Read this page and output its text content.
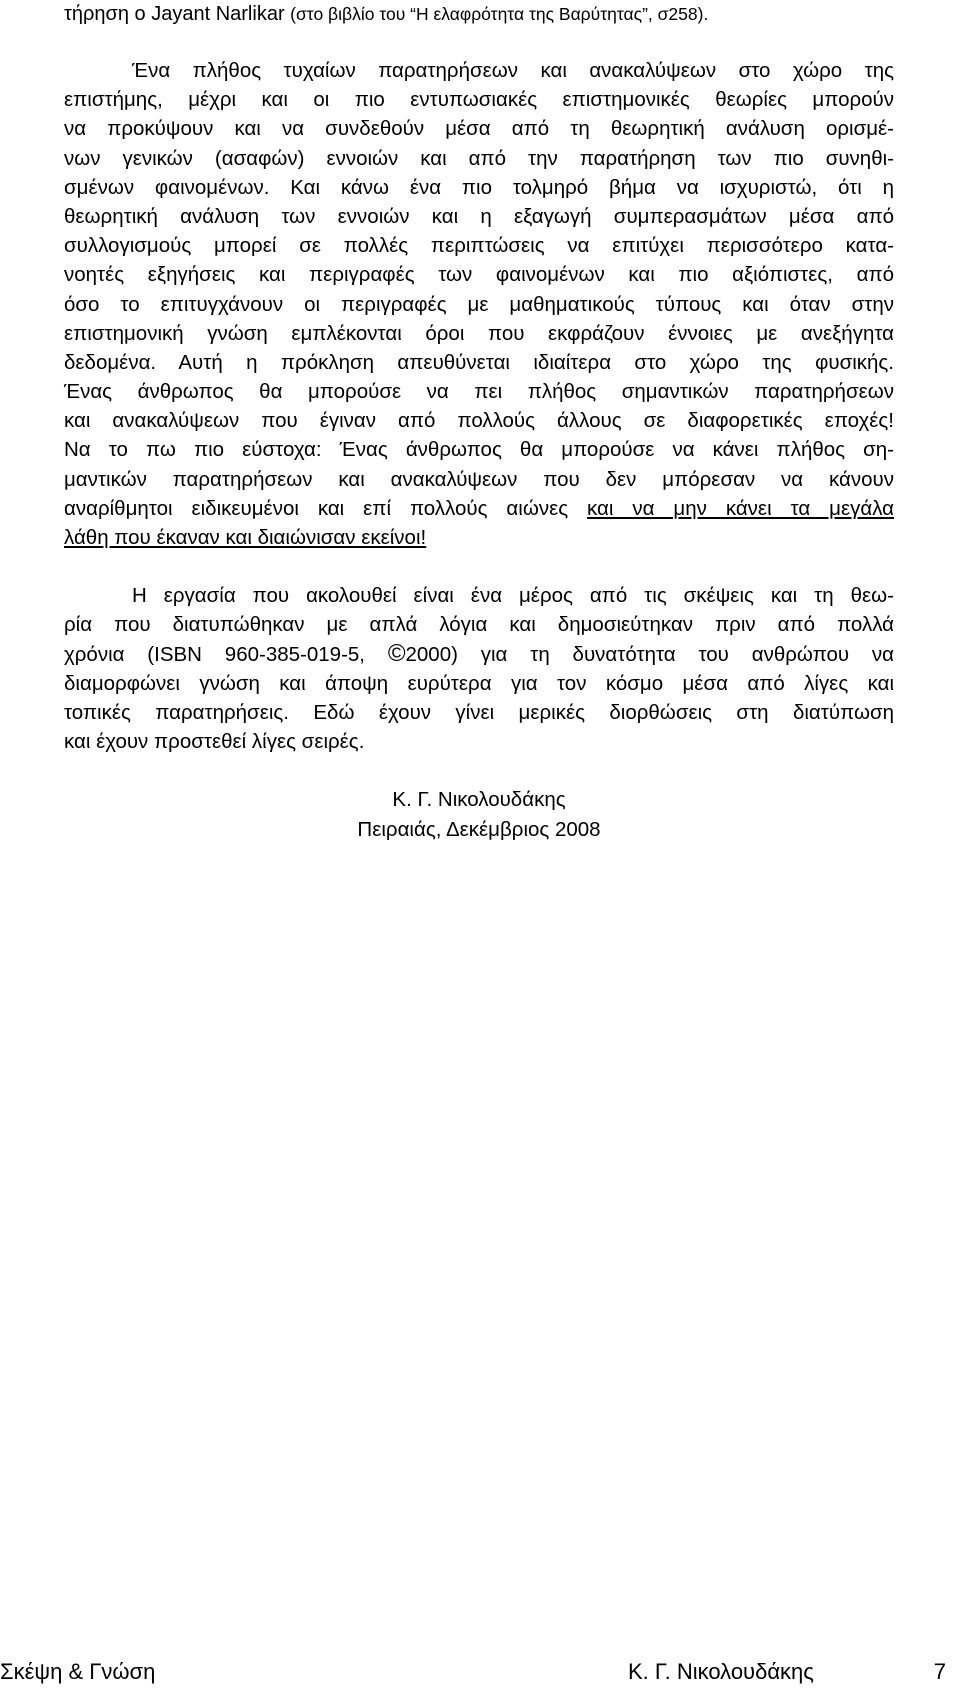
τήρηση ο Jayant Narlikar (στο βιβλίο του “Η ελαφρότητα της Βαρύτητας”, σ258).
Ένα πλήθος τυχαίων παρατηρήσεων και ανακαλύψεων στο χώρο της
επιστήμης, μέχρι και οι πιο εντυπωσιακές επιστημονικές θεωρίες μπορούν
να προκύψουν και να συνδεθούν μέσα από τη θεωρητική ανάλυση ορισμέ-
νων γενικών (ασαφών) εννοιών και από την παρατήρηση των πιο συνηθι-
σμένων φαινομένων. Και κάνω ένα πιο τολμηρό βήμα να ισχυριστώ, ότι η
θεωρητική ανάλυση των εννοιών και η εξαγωγή συμπερασμάτων μέσα από
συλλογισμούς μπορεί σε πολλές περιπτώσεις να επιτύχει περισσότερο κατα-
νοητές εξηγήσεις και περιγραφές των φαινομένων και πιο αξιόπιστες, από
όσο το επιτυγχάνουν οι περιγραφές με μαθηματικούς τύπους και όταν στην
επιστημονική γνώση εμπλέκονται όροι που εκφράζουν έννοιες με ανεξήγητα
δεδομένα. Αυτή η πρόκληση απευθύνεται ιδιαίτερα στο χώρο της φυσικής.
Ένας άνθρωπος θα μπορούσε να πει πλήθος σημαντικών παρατηρήσεων
και ανακαλύψεων που έγιναν από πολλούς άλλους σε διαφορετικές εποχές!
Να το πω πιο εύστοχα: Ένας άνθρωπος θα μπορούσε να κάνει πλήθος ση-
μαντικών παρατηρήσεων και ανακαλύψεων που δεν μπόρεσαν να κάνουν
αναρίθμητοι ειδικευμένοι και επί πολλούς αιώνες και να μην κάνει τα μεγάλα
λάθη που έκαναν και διαιώνισαν εκείνοι!
Η εργασία που ακολουθεί είναι ένα μέρος από τις σκέψεις και τη θεω-
ρία που διατυπώθηκαν με απλά λόγια και δημοσιεύτηκαν πριν από πολλά
χρόνια (ISBN 960-385-019-5, ©2000) για τη δυνατότητα του ανθρώπου να
διαμορφώνει γνώση και άποψη ευρύτερα για τον κόσμο μέσα από λίγες και
τοπικές παρατηρήσεις. Εδώ έχουν γίνει μερικές διορθώσεις στη διατύπωση
και έχουν προστεθεί λίγες σειρές.
Κ. Γ. Νικολουδάκης
Πειραιάς, Δεκέμβριος 2008
Σκέψη & Γνώση	Κ. Γ. Νικολουδάκης	7
